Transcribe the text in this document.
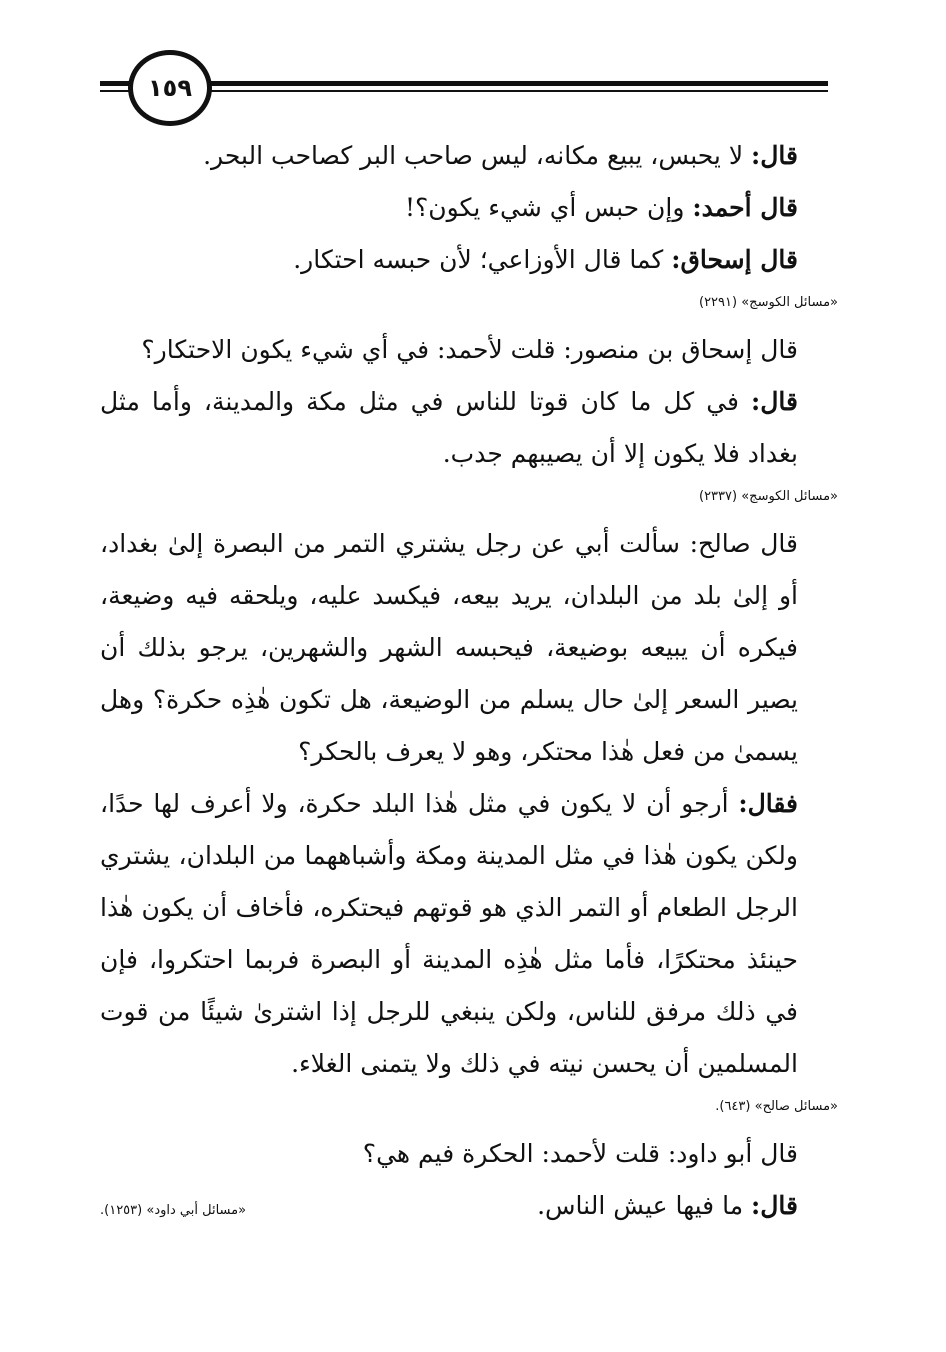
١٥٩

قال: لا يحبس، يبيع مكانه، ليس صاحب البر كصاحب البحر.

قال أحمد: وإن حبس أي شيء يكون؟!

قال إسحاق: كما قال الأوزاعي؛ لأن حبسه احتكار.

«مسائل الكوسج» (٢٢٩١)

قال إسحاق بن منصور: قلت لأحمد: في أي شيء يكون الاحتكار؟

قال: في كل ما كان قوتا للناس في مثل مكة والمدينة، وأما مثل بغداد فلا يكون إلا أن يصيبهم جدب.

«مسائل الكوسج» (٢٣٣٧)

قال صالح: سألت أبي عن رجل يشتري التمر من البصرة إلىٰ بغداد، أو إلىٰ بلد من البلدان، يريد بيعه، فيكسد عليه، ويلحقه فيه وضيعة، فيكره أن يبيعه بوضيعة، فيحبسه الشهر والشهرين، يرجو بذلك أن يصير السعر إلىٰ حال يسلم من الوضيعة، هل تكون هٰذِه حكرة؟ وهل يسمىٰ من فعل هٰذا محتكر، وهو لا يعرف بالحكر؟

فقال: أرجو أن لا يكون في مثل هٰذا البلد حكرة، ولا أعرف لها حدًا، ولكن يكون هٰذا في مثل المدينة ومكة وأشباههما من البلدان، يشتري الرجل الطعام أو التمر الذي هو قوتهم فيحتكره، فأخاف أن يكون هٰذا حينئذ محتكرًا، فأما مثل هٰذِه المدينة أو البصرة فربما احتكروا، فإن في ذلك مرفق للناس، ولكن ينبغي للرجل إذا اشترىٰ شيئًا من قوت المسلمين أن يحسن نيته في ذلك ولا يتمنى الغلاء.

«مسائل صالح» (٦٤٣).

قال أبو داود: قلت لأحمد: الحكرة فيم هي؟

قال: ما فيها عيش الناس.

«مسائل أبي داود» (١٢٥٣).
